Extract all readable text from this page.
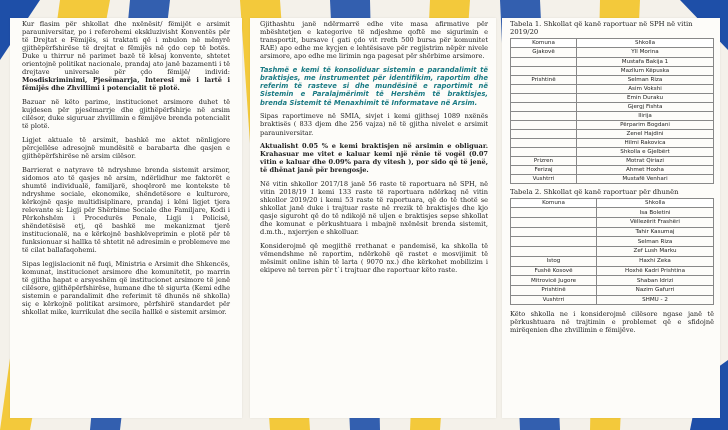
Kur flasim për shkollat dhe nxënësit/ fëmijët e arsimit parauniversitar, po i referohemi ekskluzivisht Konventës për të Drejtat e Fëmijës, si traktati që i mbulon në mënyrë gjithëpërfshirëse të drejtat e fëmijës në çdo cep të botës. Duke u thirrur në parimet bazë të kësaj konvente, shtetet orientojnë politikat nacionale, prandaj ato janë bazamenti i të drejtave universale për çdo fëmijë/ individ: Mosdiskriminimi, Pjesëmarrja, Interesi më i lartë i fëmijës dhe Zhvillimi i potencialit të plotë.

Bazuar në këto parime, institucionet arsimore duhet të kujdesen për pjesëmarrje dhe gjithëpërfshirje në arsim cilësor, duke siguruar zhvillimin e fëmijëve brenda potencialit të plotë.

Ligjet aktuale të arsimit, bashkë me aktet nënligjore përcjellëse adresojnë mundësitë e barabarta dhe qasjen e gjithëpërfshirëse në arsim cilësor.

Barrierat e natyrave të ndryshme brenda sistemit arsimor, sidomos ato të qasjes në arsim, ndërlidhur me faktorët e shumtë individualë, familjarë, shoqërorë me kontekste të ndryshme sociale, ekonomike, shëndetësore e kulturore, kërkojnë qasje multidisiplinare, prandaj i këni ligjet tjera relevante si: Ligji për Shërbime Sociale dhe Familjare, Kodi i Përkohshëm i Procedurës Penale, Ligji i Policisë, shëndetësisë etj, që bashkë me mekanizmat tjerë institucionalë, na e kërkojnë bashkëveprimin e plotë për të funksionuar si hallka të shtetit në adresimin e problemeve me të cilat ballafaqohemi.

Sipas legjislacionit në fuqi, Ministria e Arsimit dhe Shkencës, komunat, institucionet arsimore dhe komunitetit, po marrin të gjitha hapat e arsyeshëm që institucionet arsimore të jenë cilësore, gjithëpërfshirëse, humane dhe të sigurta (Kemi edhe sistemin e parandalimit dhe referimit të dhunës në shkolla) siç e kërkojnë politikat arsimore, përfshirë standardet për shkollat mike, kurrikulat dhe secila hallkë e sistemit arsimor.

Gjithashtu janë ndërmarrë edhe vite masa afirmative për mbështetjen e kategorive të ndjeshme qoftë me sigurimin e transportit, bursave ( gati çdo vit rreth 500 bursa për komunitet RAE) apo edhe me kyçjen e lehtësisave për regjistrim nëpër nivele arsimore, apo edhe me lirimin nga pagesat për shërbime arsimore.

Tashmë e kemi të konsoliduar sistemin e parandalimit të braktisjes, me instrumentet për identifikim, raportim dhe referim të rasteve si dhe mundësinë e raportimit në Sistemin e Paralajmërimit të Hershëm të braktisjes, brenda Sistemit të Menaxhimit të Informatave në Arsim.

Sipas raportimeve në SMIA, sivjet i kemi gjithsej 1089 nxënës braktisës ( 833 djem dhe 256 vajza) në të gjitha nivelet e arsimit parauniversitar.

Aktualisht 0.05 % e kemi braktisjen në arsimin e obliguar. Krahasuar me vitet e kaluar kemi një rënie të vogël (0.07 vitin e kaluar dhe 0.09% para dy vitesh ), por sido që të jenë, të dhënat janë për brengosje.

Në vitin shkollor 2017/18 janë 56 raste të raportuara në SPH, në vitin 2018/19 I kemi 133 raste të raportuara ndërkaq në vitin shkollor 2019/20 i kemi 53 raste të raportuara, që do të thotë se shkollat janë duke i trajtuar raste në rrezik të braktisjes dhe kjo qasje siguroht që do të ndikojë në uljen e braktisjes sepse shkollat dhe komunat e përkushtuara i mbajnë nxënësit brenda sistemit, d.m.th., nxjerrjen e shkolluar.

Konsiderojmë që megjithë rrethanat e pandemisë, ka shkolla të vëmendshme në raportim, ndërkohë që rastet e mosvijimit të mësimit online ishin të larta ( 9070 nx.) dhe kërkohet mobilizim i ekipeve në terren për t`i trajtuar dhe raportuar këto raste.

Tabela 1. Shkollat që kanë raportuar në SPH në vitin 2019/20
Komuna	Shkolla
Gjakovë	Yll Morina
	Mustafa Bakija 1
	Mazllum Këpuska
Prishtinë	Selman Riza
	Asim Vokshi
	Emin Duraku
	Gjergj Fishta
	Ilirija
	Përparim Bogdani
	Zenel Hajdini
	Hilmi Rakovica
	Shkolla e Gjelbërt
Prizren	Motrat Qiriazi
Ferizaj	Ahmet Hoxha
Vushtrri	Mustafë Venhari
Tabela 2. Shkollat që kanë raportuar për dhunën
Komuna	Shkolla
	Isa Boletini
	Vëllezërit Frashëri
	Tahir Kasumaj
	Selman Riza
	Zef Lush Marku
Istog	Haxhi Zeka
Fushë Kosovë	Hoxhë Kadri Prishtina
Mitrovicë Jugore	Shaban Idrizi
Prishtinë	Nazim Gafurri
Vushtrri	SHMU - 2

Këto shkolla ne i konsiderojmë cilësore ngase janë të përkushtuara në trajtimin e problemet që e sfidojnë mirëqenien dhe zhvillimin e fëmijëve.
